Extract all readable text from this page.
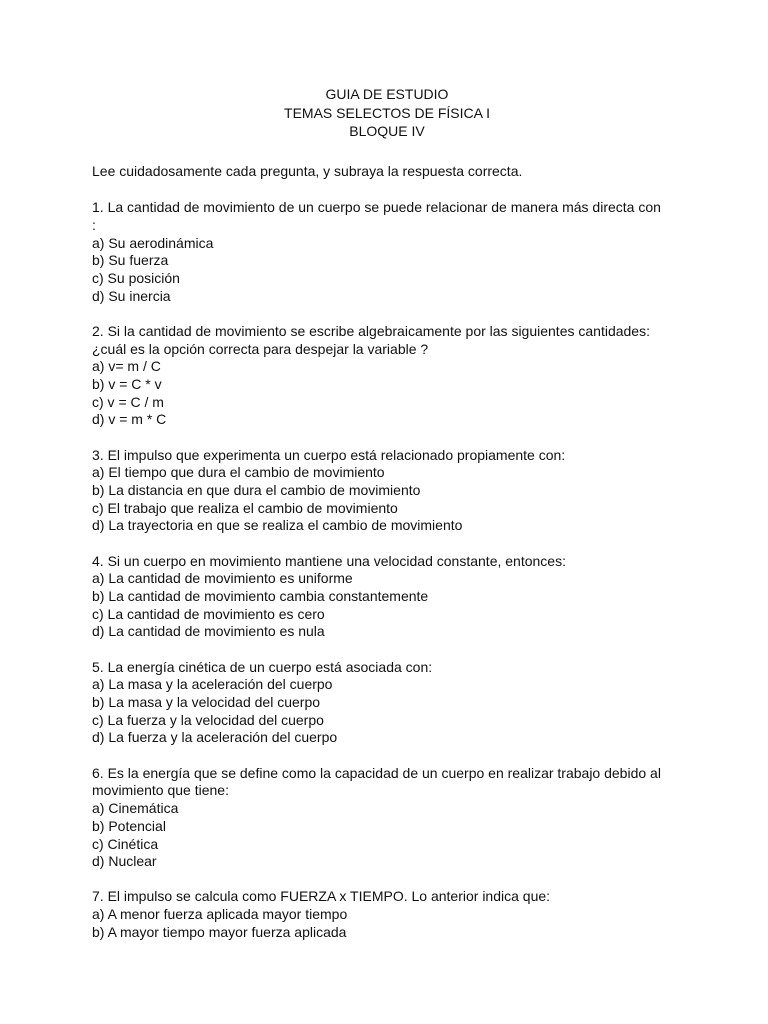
GUIA DE ESTUDIO
TEMAS SELECTOS DE FÍSICA I
BLOQUE IV
Lee cuidadosamente cada pregunta, y subraya la respuesta correcta.
1. La cantidad de movimiento de un cuerpo se puede relacionar de manera más directa con
:
a) Su aerodinámica
b) Su fuerza
c) Su posición
d) Su inercia
2. Si la cantidad de movimiento se escribe algebraicamente por las siguientes cantidades:
¿cuál es la opción correcta para despejar la variable ?
a) v= m / C
b) v = C * v
c) v = C / m
d) v = m * C
3. El impulso que experimenta un cuerpo está relacionado propiamente con:
a) El tiempo que dura el cambio de movimiento
b) La distancia en que dura el cambio de movimiento
c) El trabajo que realiza el cambio de movimiento
d) La trayectoria en que se realiza el cambio de movimiento
4. Si un cuerpo en movimiento mantiene una velocidad constante, entonces:
a) La cantidad de movimiento es uniforme
b) La cantidad de movimiento cambia constantemente
c) La cantidad de movimiento es cero
d) La cantidad de movimiento es nula
5. La energía cinética de un cuerpo está asociada con:
a) La masa y la aceleración del cuerpo
b) La masa y la velocidad del cuerpo
c) La fuerza y la velocidad del cuerpo
d) La fuerza y la aceleración del cuerpo
6. Es la energía que se define como la capacidad de un cuerpo en realizar trabajo debido al
movimiento que tiene:
a) Cinemática
b) Potencial
c) Cinética
d) Nuclear
7. El impulso se calcula como FUERZA x TIEMPO. Lo anterior indica que:
a) A menor fuerza aplicada mayor tiempo
b) A mayor tiempo mayor fuerza aplicada
